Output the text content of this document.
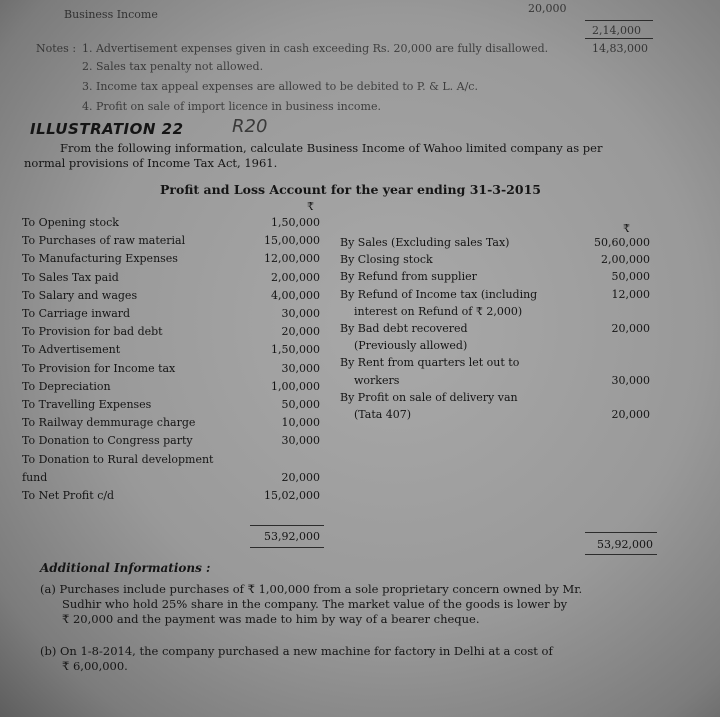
Business Income	20,000
2,14,000
14,83,000
Notes : 1. Advertisement expenses given in cash exceeding Rs. 20,000 are fully disallowed.
2. Sales tax penalty not allowed.
3. Income tax appeal expenses are allowed to be debited to P. & L. A/c.
4. Profit on sale of import licence in business income.
ILLUSTRATION 22	R20
From the following information, calculate Business Income of Wahoo limited company as per
normal provisions of Income Tax Act, 1961.
Profit and Loss Account for the year ending 31-3-2015
₹
₹
53,92,000
53,92,000
Additional Informations :
(a) Purchases include purchases of ₹ 1,00,000 from a sole proprietary concern owned by Mr.
Sudhir who hold 25% share in the company. The market value of the goods is lower by
₹ 20,000 and the payment was made to him by way of a bearer cheque.
(b) On 1-8-2014, the company purchased a new machine for factory in Delhi at a cost of
₹ 6,00,000.
To Opening stock	1,50,000
To Purchases of raw material	15,00,000
To Manufacturing Expenses	12,00,000
To Sales Tax paid	2,00,000
To Salary and wages	4,00,000
To Carriage inward	30,000
To Provision for bad debt	20,000
To Advertisement	1,50,000
To Provision for Income tax	30,000
To Depreciation	1,00,000
To Travelling Expenses	50,000
To Railway demmurage charge	10,000
To Donation to Congress party	30,000
To Donation to Rural development
fund	20,000
To Net Profit c/d	15,02,000
By Sales (Excluding sales Tax)	50,60,000
By Closing stock	2,00,000
By Refund from supplier	50,000
By Refund of Income tax (including	12,000
interest on Refund of ₹ 2,000)
By Bad debt recovered	20,000
(Previously allowed)
By Rent from quarters let out to
workers	30,000
By Profit on sale of delivery van
(Tata 407)	20,000
